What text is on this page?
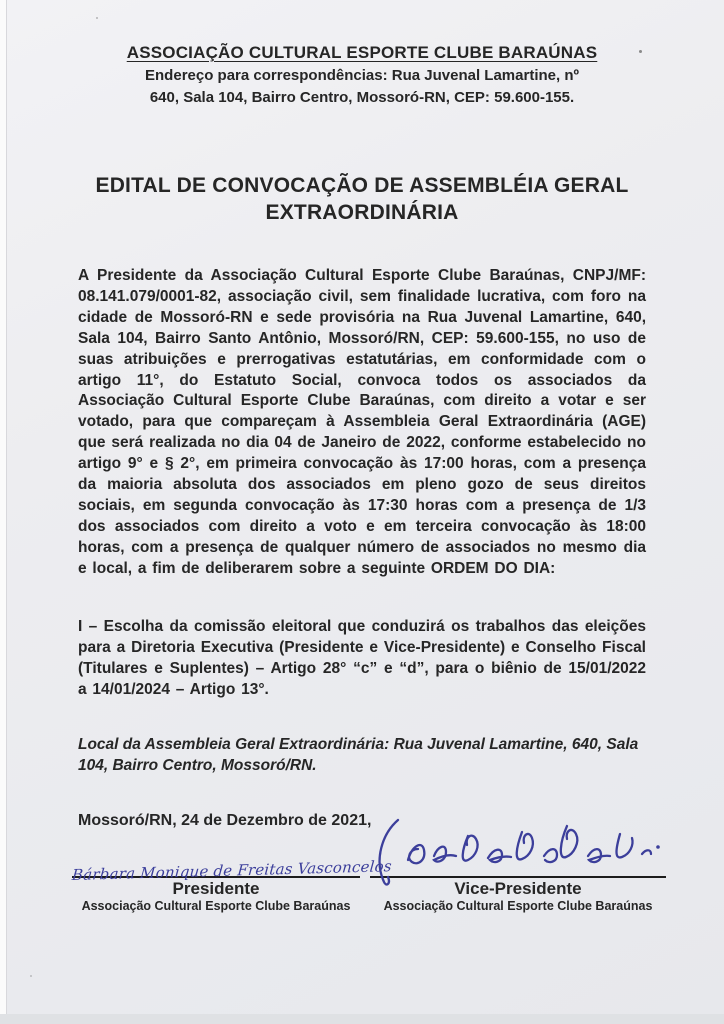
ASSOCIAÇÃO CULTURAL ESPORTE CLUBE BARAÚNAS
Endereço para correspondências: Rua Juvenal Lamartine, nº
640, Sala 104, Bairro Centro, Mossoró-RN, CEP: 59.600-155.
EDITAL DE CONVOCAÇÃO DE ASSEMBLÉIA GERAL
EXTRAORDINÁRIA
A Presidente da Associação Cultural Esporte Clube Baraúnas, CNPJ/MF: 08.141.079/0001-82, associação civil, sem finalidade lucrativa, com foro na cidade de Mossoró-RN e sede provisória na Rua Juvenal Lamartine, 640, Sala 104, Bairro Santo Antônio, Mossoró/RN, CEP: 59.600-155, no uso de suas atribuições e prerrogativas estatutárias, em conformidade com o artigo 11°, do Estatuto Social, convoca todos os associados da Associação Cultural Esporte Clube Baraúnas, com direito a votar e ser votado, para que compareçam à Assembleia Geral Extraordinária (AGE) que será realizada no dia 04 de Janeiro de 2022, conforme estabelecido no artigo 9° e § 2°, em primeira convocação às 17:00 horas, com a presença da maioria absoluta dos associados em pleno gozo de seus direitos sociais, em segunda convocação às 17:30 horas com a presença de 1/3 dos associados com direito a voto e em terceira convocação às 18:00 horas, com a presença de qualquer número de associados no mesmo dia e local, a fim de deliberarem sobre a seguinte ORDEM DO DIA:
I – Escolha da comissão eleitoral que conduzirá os trabalhos das eleições para a Diretoria Executiva (Presidente e Vice-Presidente) e Conselho Fiscal (Titulares e Suplentes) – Artigo 28° “c” e “d”, para o biênio de 15/01/2022 a 14/01/2024 – Artigo 13°.
Local da Assembleia Geral Extraordinária: Rua Juvenal Lamartine, 640, Sala 104, Bairro Centro, Mossoró/RN.
Mossoró/RN, 24 de Dezembro de 2021,
Bárbara Monique de Freitas Vasconcelos
Presidente
Associação Cultural Esporte Clube Baraúnas
Vice-Presidente
Associação Cultural Esporte Clube Baraúnas
